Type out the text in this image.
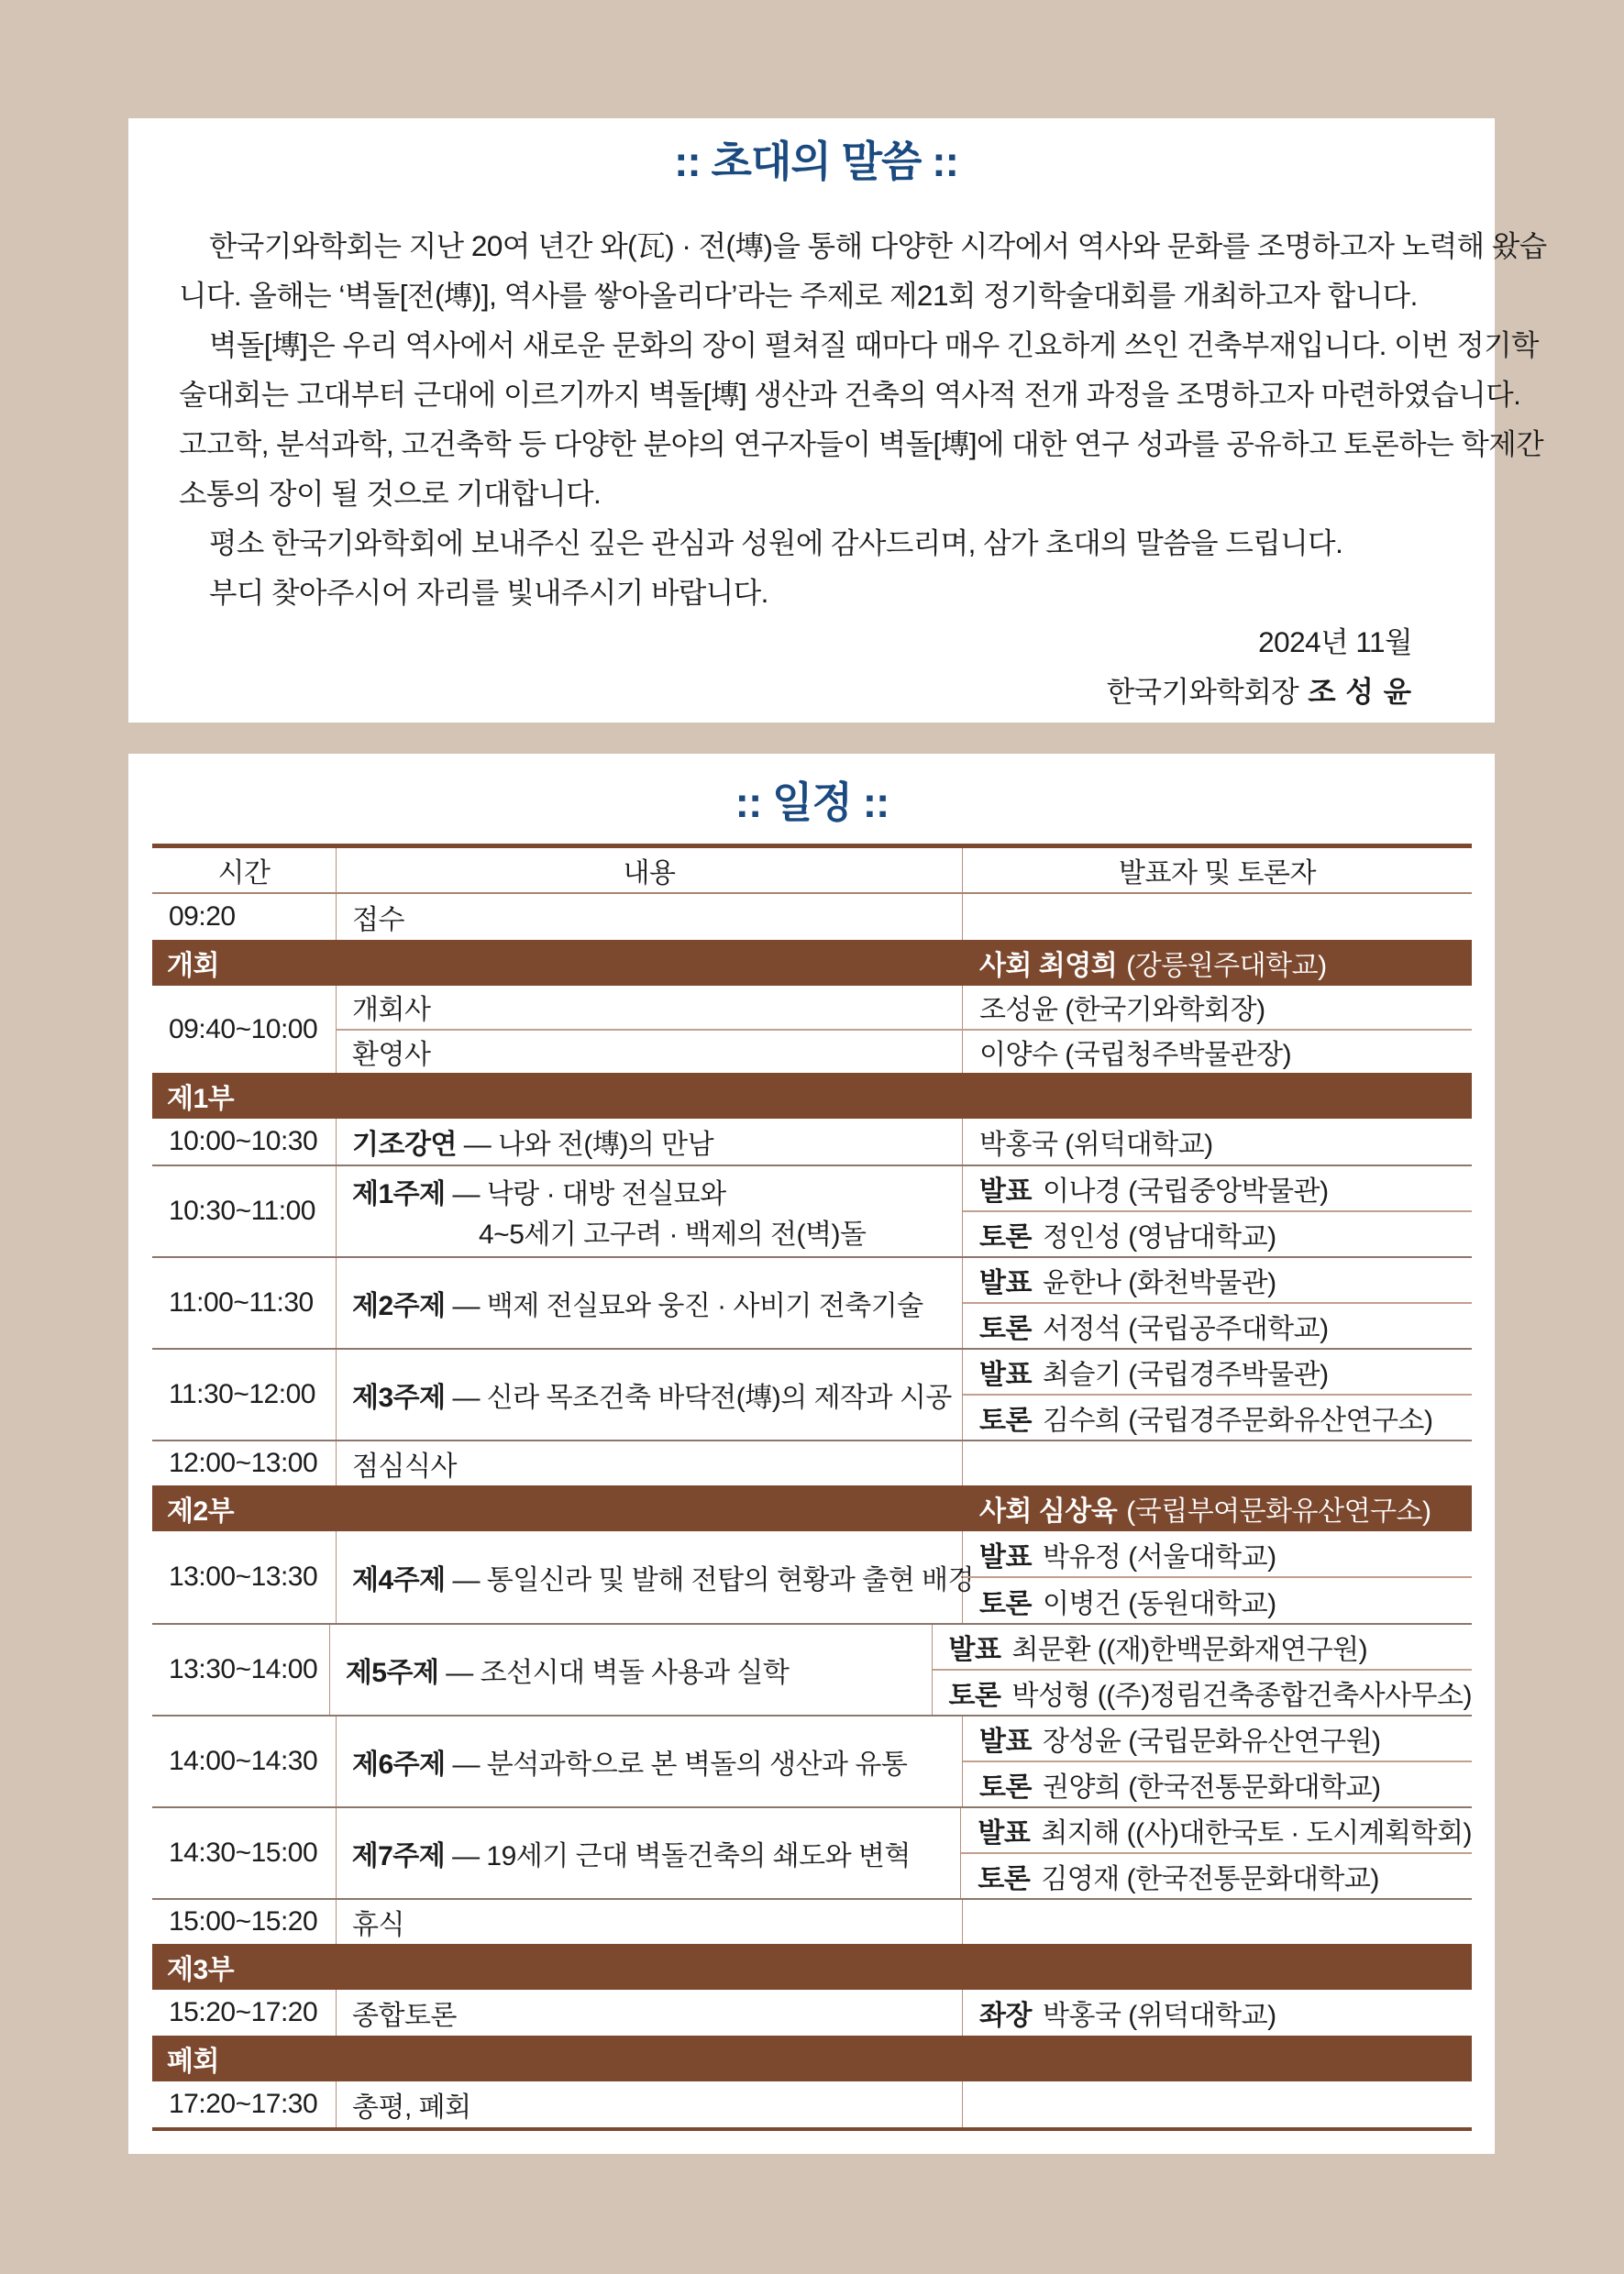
:: 초대의 말씀 ::
한국기와학회는 지난 20여 년간 와(瓦) · 전(塼)을 통해 다양한 시각에서 역사와 문화를 조명하고자 노력해 왔습
니다. 올해는 ‘벽돌[전(塼)], 역사를 쌓아올리다’라는 주제로 제21회 정기학술대회를 개최하고자 합니다.
벽돌[塼]은 우리 역사에서 새로운 문화의 장이 펼쳐질 때마다 매우 긴요하게 쓰인 건축부재입니다. 이번 정기학
술대회는 고대부터 근대에 이르기까지 벽돌[塼] 생산과 건축의 역사적 전개 과정을 조명하고자 마련하였습니다.
고고학, 분석과학, 고건축학 등 다양한 분야의 연구자들이 벽돌[塼]에 대한 연구 성과를 공유하고 토론하는 학제간
소통의 장이 될 것으로 기대합니다.
평소 한국기와학회에 보내주신 깊은 관심과 성원에 감사드리며, 삼가 초대의 말씀을 드립니다.
부디 찾아주시어 자리를 빛내주시기 바랍니다.
2024년 11월
한국기와학회장 조 성 윤
:: 일정 ::
시간	내용	발표자 및 토론자
09:20	접수
개회	사회 최영희 (강릉원주대학교)
09:40~10:00
개회사	조성윤 (한국기와학회장)
환영사	이양수 (국립청주박물관장)
제1부
10:00~10:30	기조강연 — 나와 전(塼)의 만남	박홍국 (위덕대학교)
10:30~11:00
제1주제 — 낙랑 · 대방 전실묘와
4~5세기 고구려 · 백제의 전(벽)돌
발표 이나경 (국립중앙박물관)
토론 정인성 (영남대학교)
11:00~11:30	제2주제 — 백제 전실묘와 웅진 · 사비기 전축기술
발표 윤한나 (화천박물관)
토론 서정석 (국립공주대학교)
11:30~12:00	제3주제 — 신라 목조건축 바닥전(塼)의 제작과 시공
발표 최슬기 (국립경주박물관)
토론 김수희 (국립경주문화유산연구소)
12:00~13:00	점심식사
제2부	사회 심상육 (국립부여문화유산연구소)
13:00~13:30	제4주제 — 통일신라 및 발해 전탑의 현황과 출현 배경
발표 박유정 (서울대학교)
토론 이병건 (동원대학교)
13:30~14:00	제5주제 — 조선시대 벽돌 사용과 실학
발표 최문환 ((재)한백문화재연구원)
토론 박성형 ((주)정림건축종합건축사사무소)
14:00~14:30	제6주제 — 분석과학으로 본 벽돌의 생산과 유통
발표 장성윤 (국립문화유산연구원)
토론 권양희 (한국전통문화대학교)
14:30~15:00	제7주제 — 19세기 근대 벽돌건축의 쇄도와 변혁
발표 최지해 ((사)대한국토 · 도시계획학회)
토론 김영재 (한국전통문화대학교)
15:00~15:20	휴식
제3부
15:20~17:20	종합토론	좌장 박홍국 (위덕대학교)
폐회
17:20~17:30	총평, 폐회
